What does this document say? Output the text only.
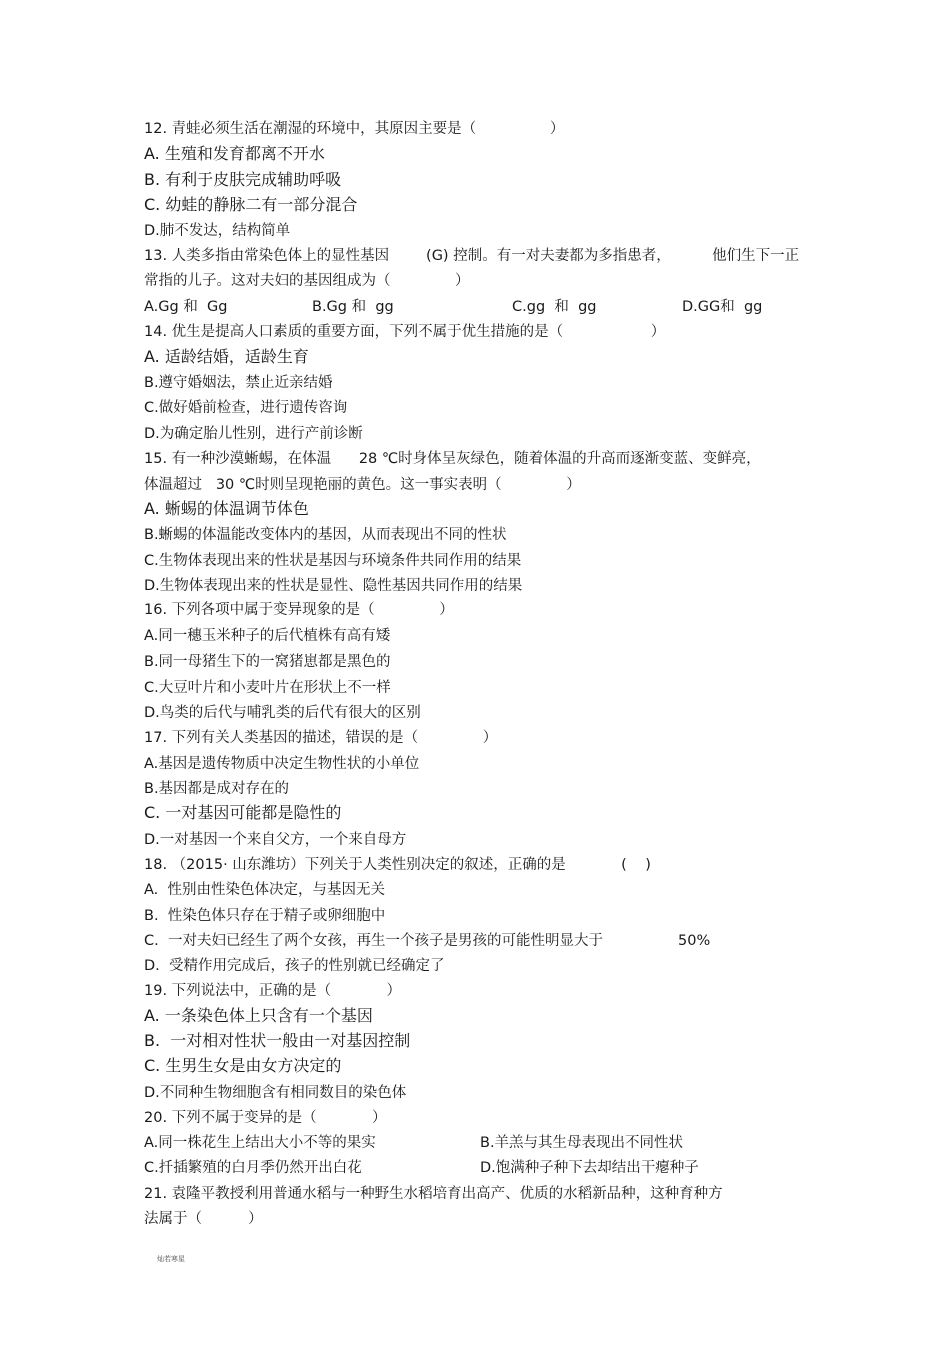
12. 青蛙必须生活在潮湿的环境中，其原因主要是（                ）
A. 生殖和发育都离不开水
B. 有利于皮肤完成辅助呼吸
C. 幼蛙的静脉二有一部分混合
D.肺不发达，结构简单
13. 人类多指由常染色体上的显性基因        (G) 控制。有一对夫妻都为多指患者，         他们生下一正
常指的儿子。这对夫妇的基因组成为（              ）
A.Gg 和  Gg	B.Gg 和  gg	C.gg  和  gg	D.GG和  gg
14. 优生是提高人口素质的重要方面，下列不属于优生措施的是（                   ）
A. 适龄结婚，适龄生育
B.遵守婚姻法，禁止近亲结婚
C.做好婚前检查，进行遗传咨询
D.为确定胎儿性别，进行产前诊断
15. 有一种沙漠蜥蜴，在体温      28 ℃时身体呈灰绿色，随着体温的升高而逐渐变蓝、变鲜亮，
体温超过   30 ℃时则呈现艳丽的黄色。这一事实表明（              ）
A. 蜥蜴的体温调节体色
B.蜥蜴的体温能改变体内的基因，从而表现出不同的性状
C.生物体表现出来的性状是基因与环境条件共同作用的结果
D.生物体表现出来的性状是显性、隐性基因共同作用的结果
16. 下列各项中属于变异现象的是（              ）
A.同一穗玉米种子的后代植株有高有矮
B.同一母猪生下的一窝猪崽都是黑色的
C.大豆叶片和小麦叶片在形状上不一样
D.鸟类的后代与哺乳类的后代有很大的区别
17. 下列有关人类基因的描述，错误的是（              ）
A.基因是遗传物质中决定生物性状的小单位
B.基因都是成对存在的
C. 一对基因可能都是隐性的
D.一对基因一个来自父方，一个来自母方
18. （2015· 山东潍坊）下列关于人类性别决定的叙述，正确的是            (    )
A.  性别由性染色体决定，与基因无关
B.  性染色体只存在于精子或卵细胞中
C.  一对夫妇已经生了两个女孩，再生一个孩子是男孩的可能性明显大于	50%
D.  受精作用完成后，孩子的性别就已经确定了
19. 下列说法中，正确的是（            ）
A. 一条染色体上只含有一个基因
B.  一对相对性状一般由一对基因控制
C. 生男生女是由女方决定的
D.不同种生物细胞含有相同数目的染色体
20. 下列不属于变异的是（            ）
A.同一株花生上结出大小不等的果实	B.羊羔与其生母表现出不同性状
C.扦插繁殖的白月季仍然开出白花	D.饱满种子种下去却结出干瘪种子
21. 袁隆平教授利用普通水稻与一种野生水稻培育出高产、优质的水稻新品种，这种育种方
法属于（          ）
灿若寒星
